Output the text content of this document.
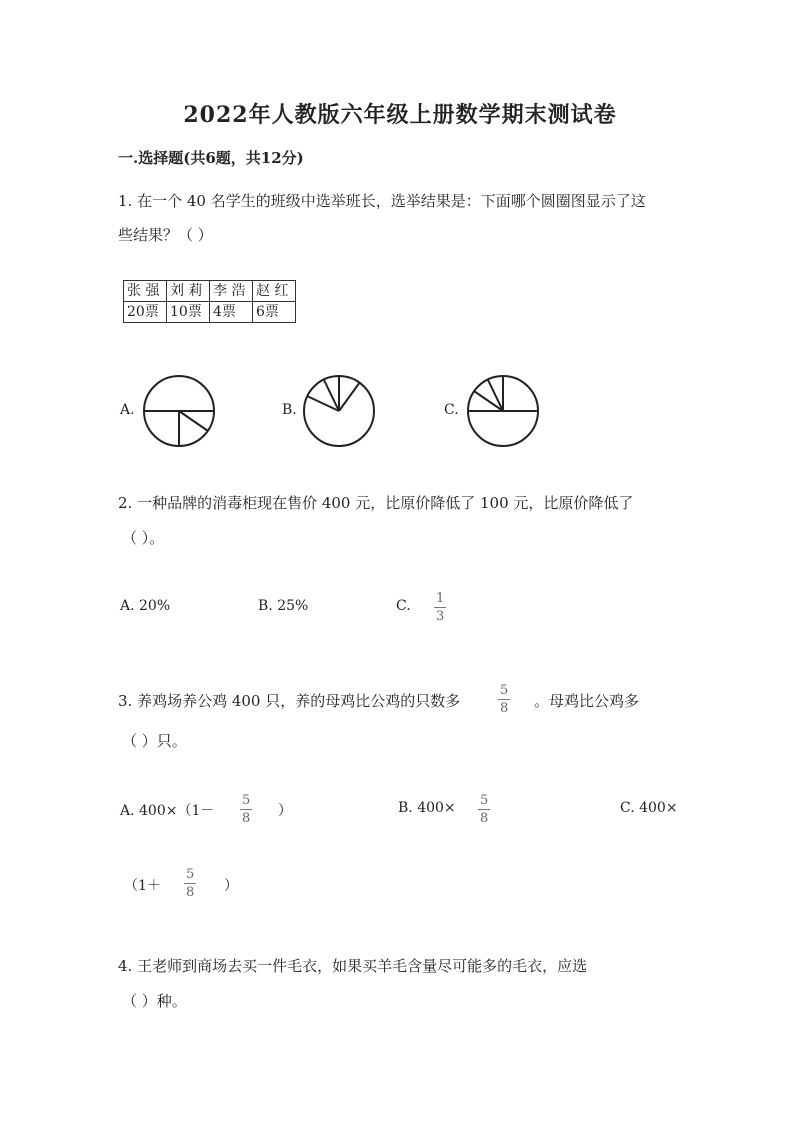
2022年人教版六年级上册数学期末测试卷
一.选择题(共6题，共12分)
1. 在一个 40 名学生的班级中选举班长，选举结果是：下面哪个圆圈图显示了这
些结果？（ ）
张 强	刘 莉	李 浩	赵 红
20票	10票	4票	6票
A.	B.	C.
2. 一种品牌的消毒柜现在售价 400 元，比原价降低了 100 元，比原价降低了
（ ）。
A. 20%	B. 25%	C. $\frac{1}{3}$
3. 养鸡场养公鸡 400 只，养的母鸡比公鸡的只数多	$\frac{5}{8}$ 。母鸡比公鸡多
（ ）只。
A. $400\times(1- \frac{5}{8}$ ）	B. $400\times \frac{5}{8}$	C. 400×
（$1+ \frac{5}{8}$ ）
4. 王老师到商场去买一件毛衣，如果买羊毛含量尽可能多的毛衣，应选
（ ）种。
